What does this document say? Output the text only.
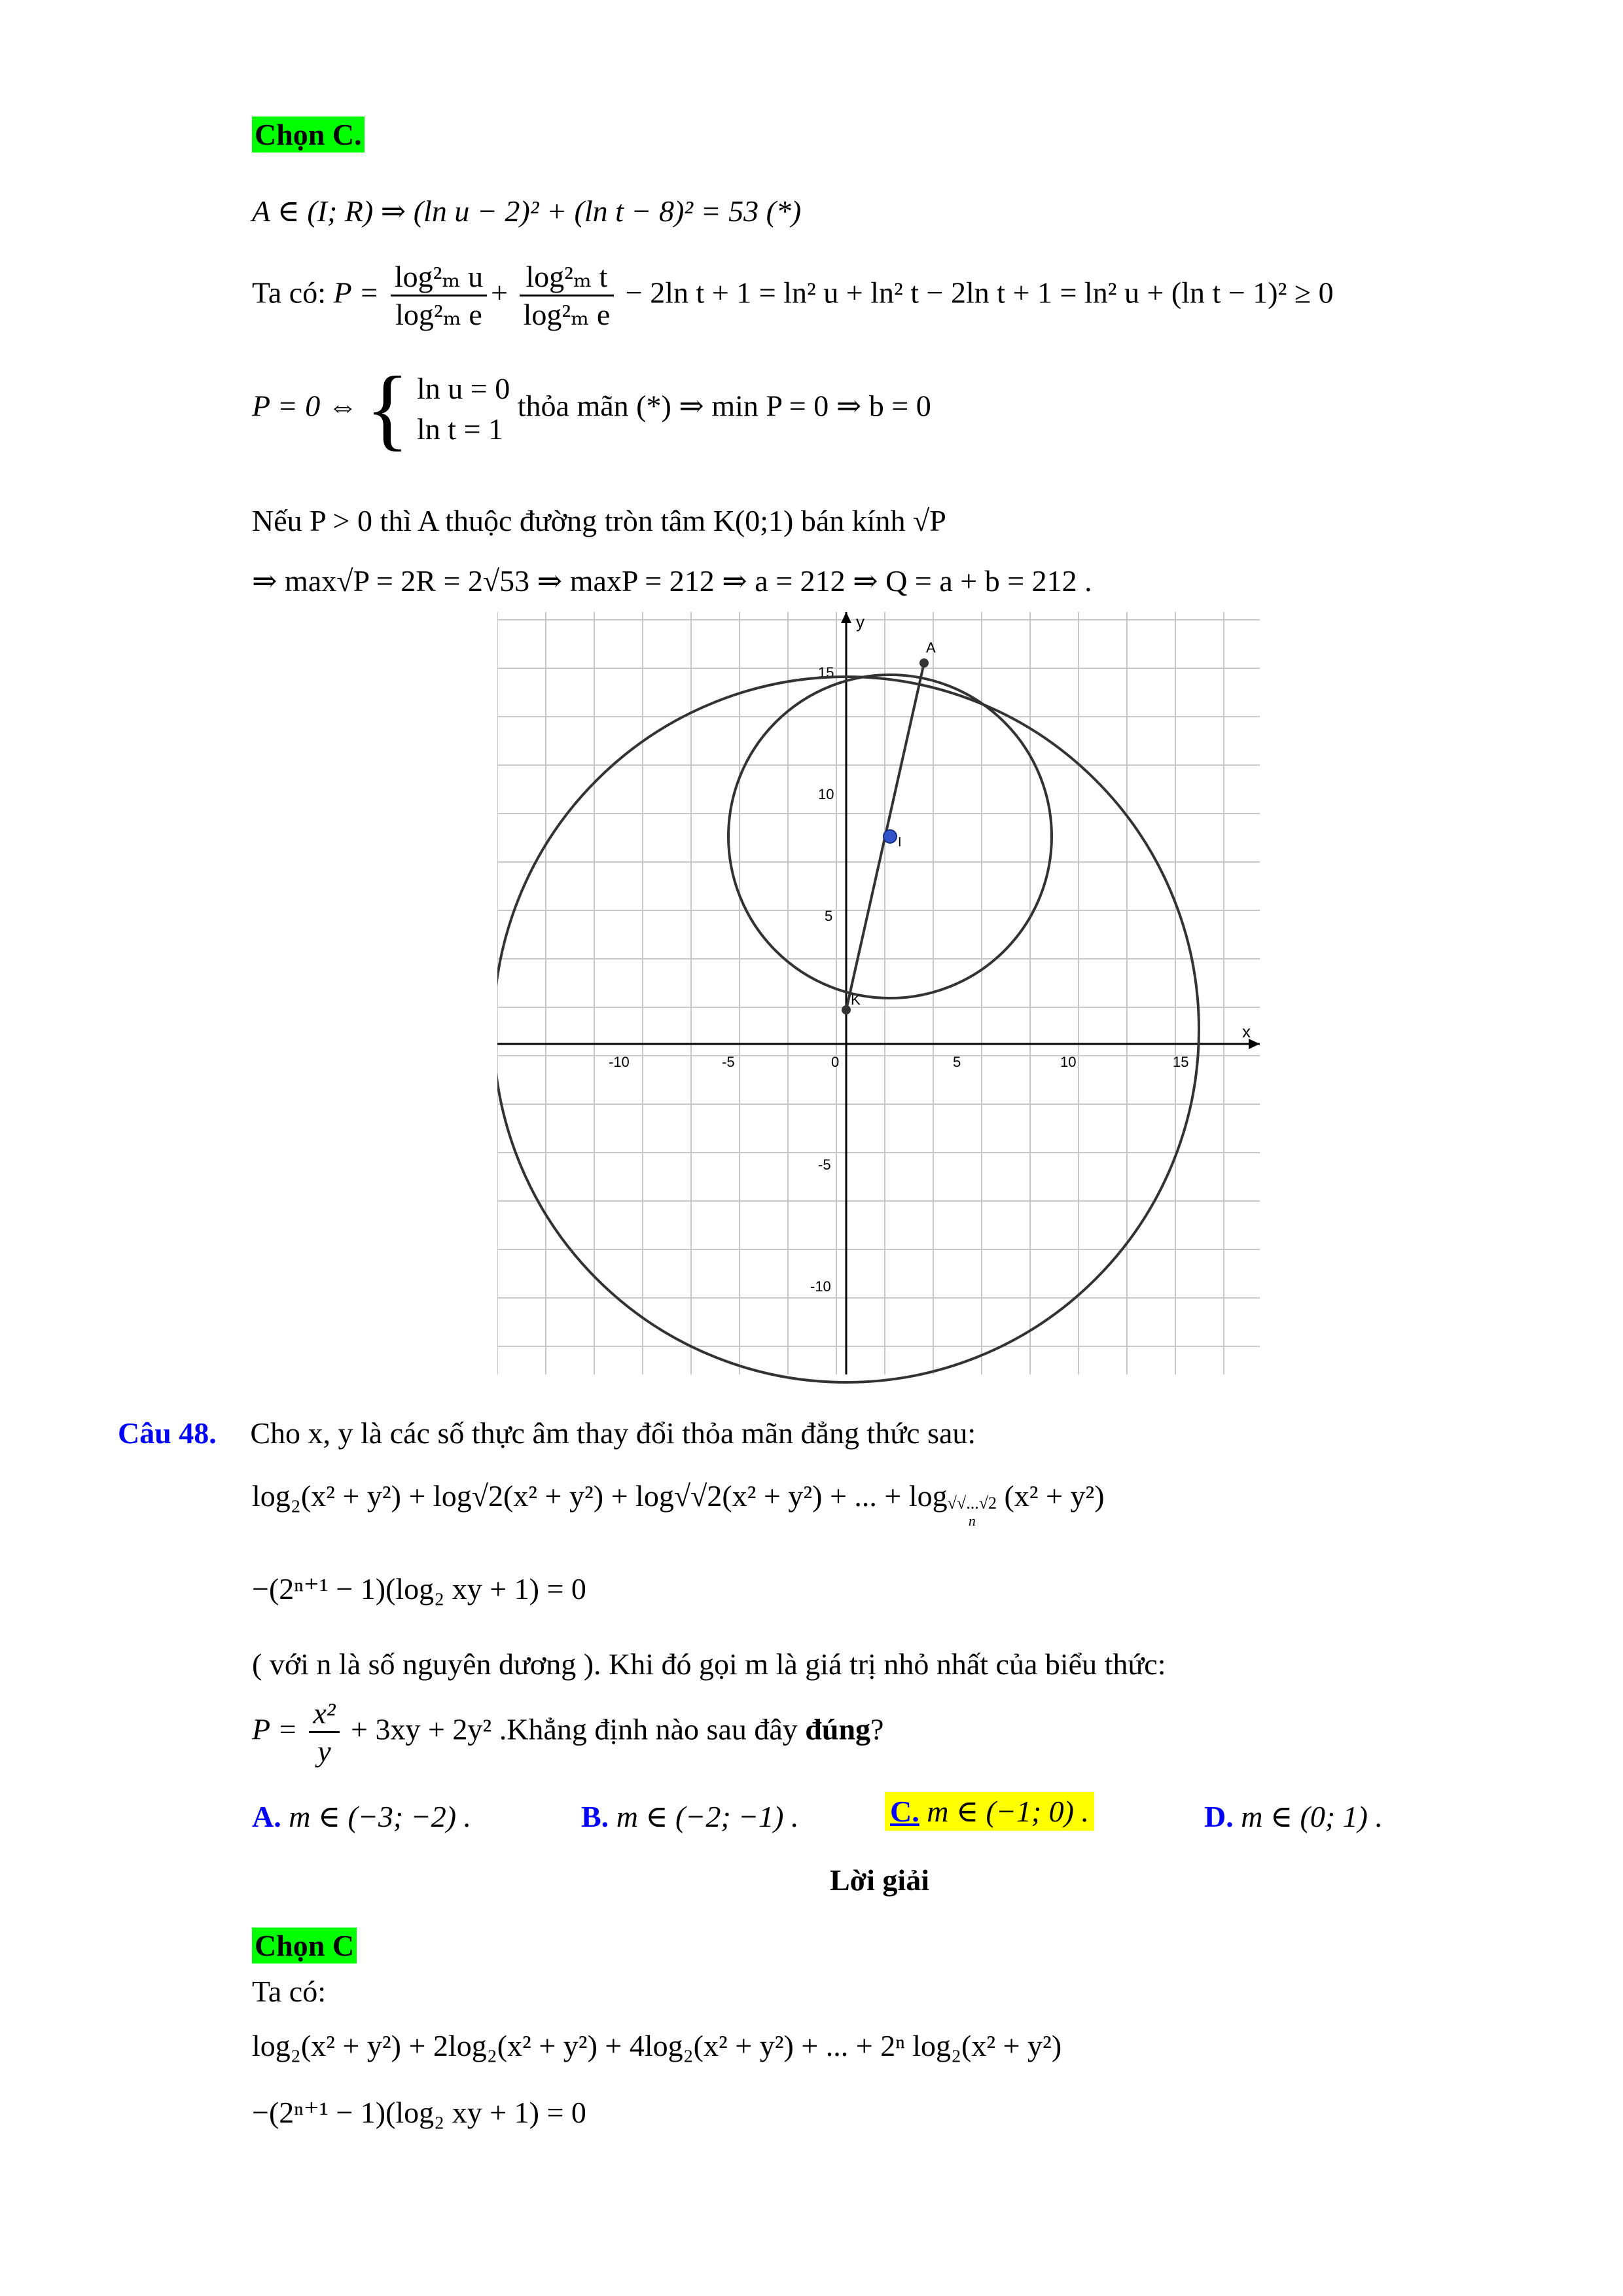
Chọn C.
A ∈ (I; R) ⇒ (ln u − 2)² + (ln t − 8)² = 53 (*)
Ta có: $P = \frac{\text{log²ₘ u}}{\text{log²ₘ e}} + \frac{\text{log²ₘ t}}{\text{log²ₘ e}} - 2\ln$ t + 1 = ln² u + ln² t − 2ln t + 1 = ln² u + (ln t − 1)² ≥ 0
P = 0 ⇔ { ln u = 0
ln t = 1
thỏa mãn (*) ⇒ min P = 0 ⇒ b = 0
Nếu P > 0 thì A thuộc đường tròn tâm K(0;1) bán kính √P
⇒ max√P = 2R = 2√53 ⇒ maxP = 212 ⇒ a = 212 ⇒ Q = a + b = 212 .
x
y
-10	-5	0	5	10	15
15
10
5
-5
-10
A
I
K
Câu 48. Cho x, y là các số thực âm thay đổi thỏa mãn đẳng thức sau:
log₂(x² + y²) + log√2(x² + y²) + log√√2(x² + y²) + ... + log √√...√2
n
(x² + y²)
−(2ⁿ⁺¹ − 1)(log₂ xy + 1) = 0
( với n là số nguyên dương ). Khi đó gọi m là giá trị nhỏ nhất của biểu thức:
$P = \frac{\text{x²}}{y} + 3xy + 2y^2$ .Khẳng định nào sau đây đúng?
A. m ∈ (−3; −2) .	B. m ∈ (−2; −1) .	C. m ∈ (−1; 0) .	D. m ∈ (0; 1) .
Lời giải
Chọn C
Ta có:
log₂(x² + y²) + 2log₂(x² + y²) + 4log₂(x² + y²) + ... + 2ⁿ log₂(x² + y²)
−(2ⁿ⁺¹ − 1)(log₂ xy + 1) = 0
